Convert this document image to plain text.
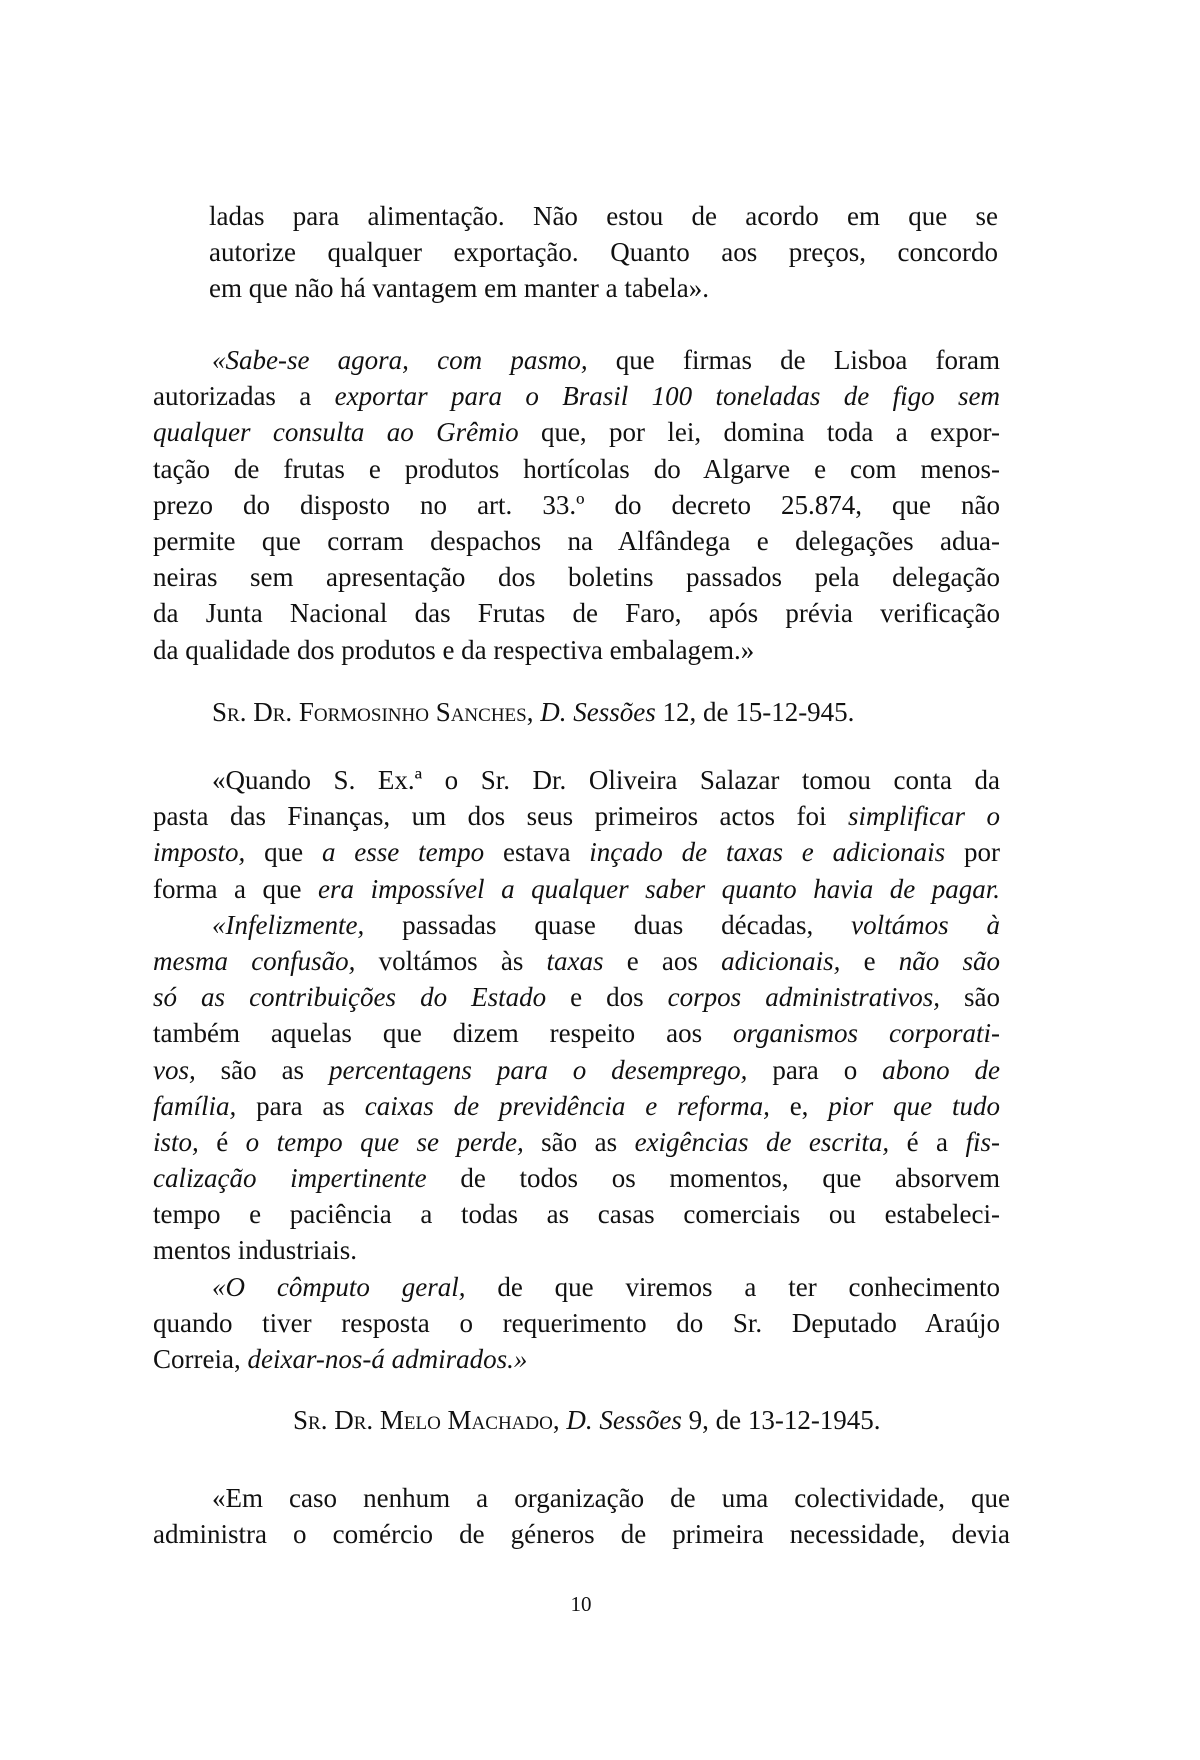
ladas para alimentação. Não estou de acordo em que se
autorize qualquer exportação. Quanto aos preços, concordo
em que não há vantagem em manter a tabela».
«Sabe-se agora, com pasmo, que firmas de Lisboa foram
autorizadas a exportar para o Brasil 100 toneladas de figo sem
qualquer consulta ao Grêmio que, por lei, domina toda a expor-
tação de frutas e produtos hortícolas do Algarve e com menos-
prezo do disposto no art. 33.º do decreto 25.874, que não
permite que corram despachos na Alfândega e delegações adua-
neiras sem apresentação dos boletins passados pela delegação
da Junta Nacional das Frutas de Faro, após prévia verificação
da qualidade dos produtos e da respectiva embalagem.»
Sr. Dr. Formosinho Sanches, D. Sessões 12, de 15-12-945.
«Quando S. Ex.ª o Sr. Dr. Oliveira Salazar tomou conta da
pasta das Finanças, um dos seus primeiros actos foi simplificar o
imposto, que a esse tempo estava inçado de taxas e adicionais por
forma a que era impossível a qualquer saber quanto havia de pagar.
«Infelizmente, passadas quase duas décadas, voltámos à
mesma confusão, voltámos às taxas e aos adicionais, e não são
só as contribuições do Estado e dos corpos administrativos, são
também aquelas que dizem respeito aos organismos corporati-
vos, são as percentagens para o desemprego, para o abono de
família, para as caixas de previdência e reforma, e, pior que tudo
isto, é o tempo que se perde, são as exigências de escrita, é a fis-
calização impertinente de todos os momentos, que absorvem
tempo e paciência a todas as casas comerciais ou estabeleci-
mentos industriais.
«O cômputo geral, de que viremos a ter conhecimento
quando tiver resposta o requerimento do Sr. Deputado Araújo
Correia, deixar-nos-á admirados.»
Sr. Dr. Melo Machado, D. Sessões 9, de 13-12-1945.
«Em caso nenhum a organização de uma colectividade, que
administra o comércio de géneros de primeira necessidade, devia
10
